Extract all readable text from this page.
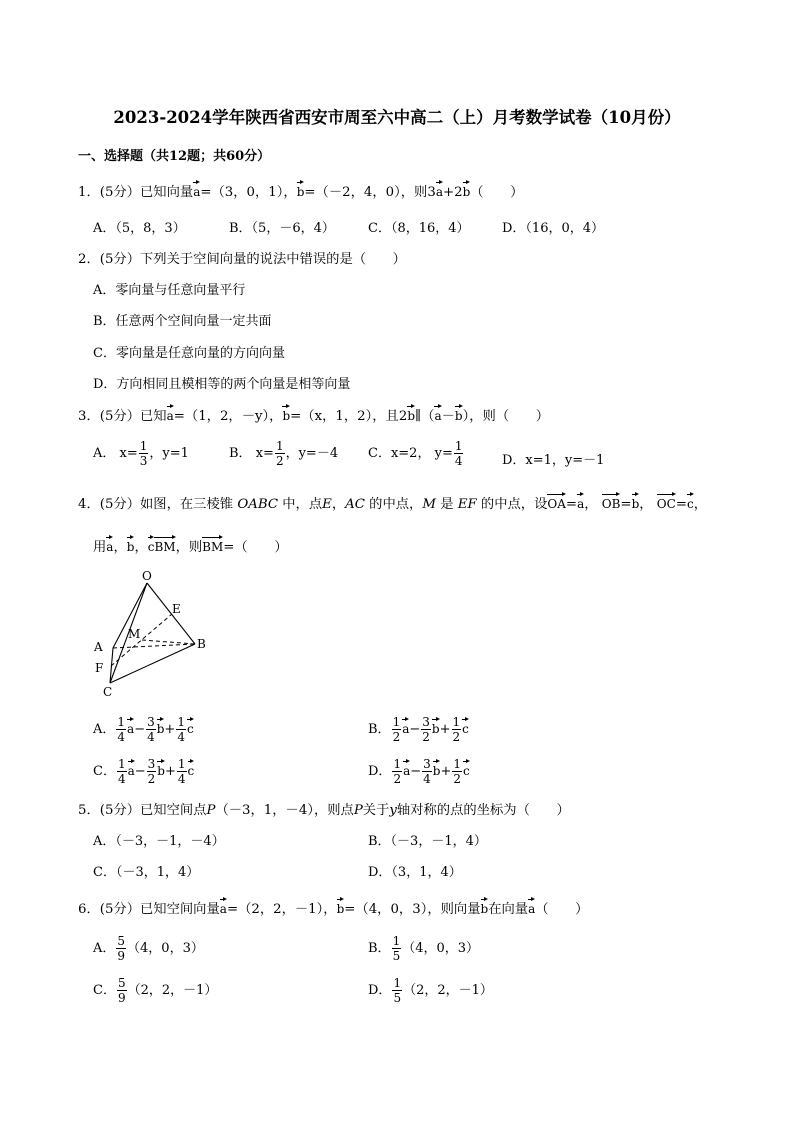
2023-2024学年陕西省西安市周至六中高二（上）月考数学试卷（10月份）
一、选择题（共12题；共60分）
1．(5分）已知向量a=（3，0，1），b=（－2，4，0），则3a+2b（　　）
A．（5，8，3）	B．（5，－6，4）	C．（8，16，4） D．（16，0，4）
2．(5分）下列关于空间向量的说法中错误的是（　　）
A．零向量与任意向量平行
B．任意两个空间向量一定共面
C．零向量是任意向量的方向向量
D．方向相同且模相等的两个向量是相等向量
3．(5分）已知a=（1，2，－y），b=（x，1，2），且2b∥（a－b），则（　　）
A． $x= \frac{1}{3}$ ，y=1	B． $x= \frac{1}{2}$ ，y=－4 C．x=2， $y= \frac{1}{4}$	D．x=1，y=－1
4．(5分）如图，在三棱锥 OABC 中，点E，AC 的中点，M 是 EF 的中点，设OA=a， OB=b， OC=c，
用a，b，cBM，则BM=（　　）
O
E
M
A	B
F
C
A． $\frac{1}{4} a- \frac{3}{4} b+ \frac{1}{4}$ c	B． $\frac{1}{2} a- \frac{3}{2} b+ \frac{1}{2}$ c
C． $\frac{1}{4} a- \frac{3}{2} b+ \frac{1}{4}$ c	D． $\frac{1}{2} a- \frac{3}{4} b+ \frac{1}{2}$ c
5．(5分）已知空间点P（－3，1，－4），则点P关于y轴对称的点的坐标为（　　）
A．（－3，－1，－4）	B．（－3，－1，4）
C．（－3，1，4）	D．（3，1，4）
6．(5分）已知空间向量a=（2，2，－1），b=（4，0，3），则向量b在向量a（　　）
A． $\frac{5}{9} (4$，0，3）	B． $\frac{1}{5} (4$，0，3）
C． $\frac{5}{9} (2$，2，－1）	D． $\frac{1}{5} (2$，2，－1）
